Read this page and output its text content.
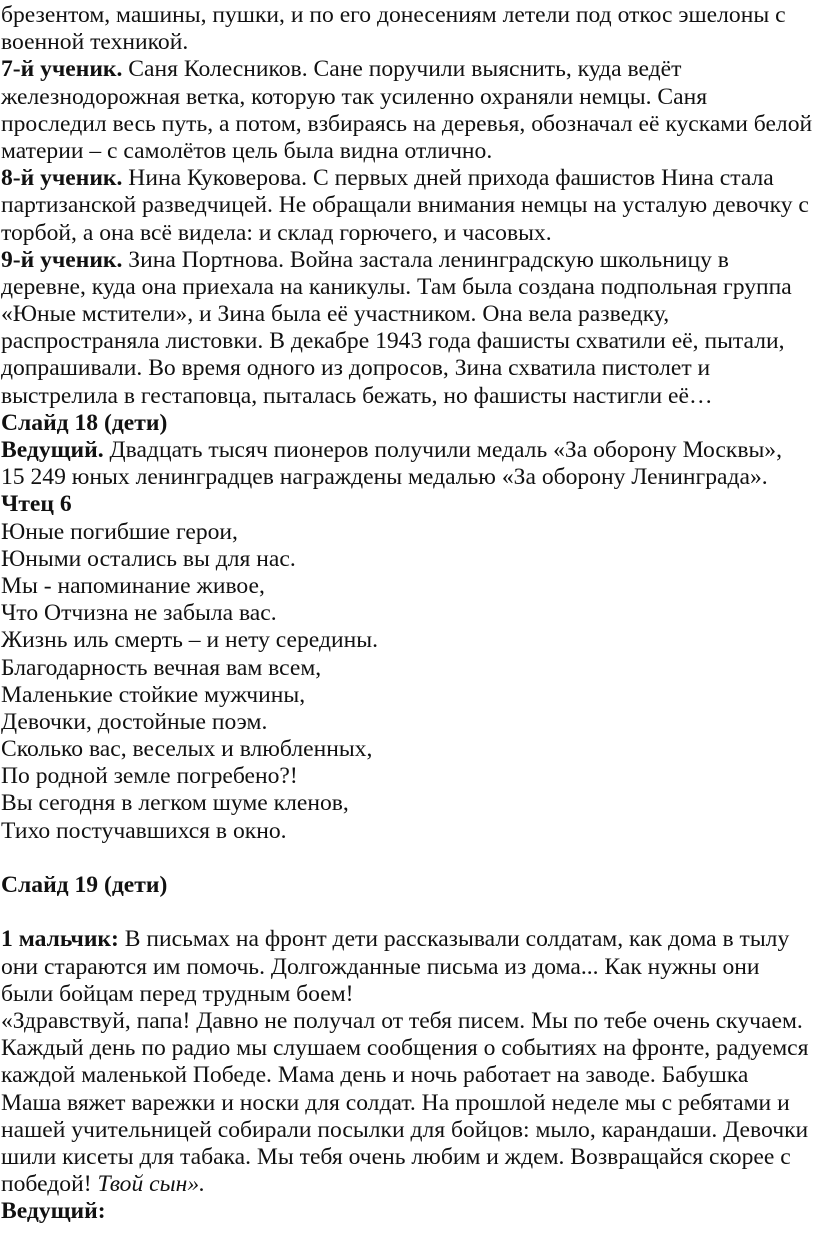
брезентом, машины, пушки, и по его донесениям летели под откос эшелоны с
военной техникой.
7-й ученик. Саня Колесников. Сане поручили выяснить, куда ведёт
железнодорожная ветка, которую так усиленно охраняли немцы. Саня
проследил весь путь, а потом, взбираясь на деревья, обозначал её кусками белой
материи – с самолётов цель была видна отлично.
8-й ученик. Нина Куковерова. С первых дней прихода фашистов Нина стала
партизанской разведчицей. Не обращали внимания немцы на усталую девочку с
торбой, а она всё видела: и склад горючего, и часовых.
9-й ученик. Зина Портнова. Война застала ленинградскую школьницу в
деревне, куда она приехала на каникулы. Там была создана подпольная группа
«Юные мстители», и Зина была её участником. Она вела разведку,
распространяла листовки. В декабре 1943 года фашисты схватили её, пытали,
допрашивали. Во время одного из допросов, Зина схватила пистолет и
выстрелила в гестаповца, пыталась бежать, но фашисты настигли её…
Слайд 18 (дети)
Ведущий. Двадцать тысяч пионеров получили медаль «За оборону Москвы»,
15 249 юных ленинградцев награждены медалью «За оборону Ленинграда».
Чтец 6
Юные погибшие герои,
Юными остались вы для нас.
Мы - напоминание живое,
Что Отчизна не забыла вас.
Жизнь иль смерть – и нету середины.
Благодарность вечная вам всем,
Маленькие стойкие мужчины,
Девочки, достойные поэм.
Сколько вас, веселых и влюбленных,
По родной земле погребено?!
Вы сегодня в легком шуме кленов,
Тихо постучавшихся в окно.
Слайд 19 (дети)
1 мальчик: В письмах на фронт дети рассказывали солдатам, как дома в тылу
они стараются им помочь. Долгожданные письма из дома... Как нужны они
были бойцам перед трудным боем!
«Здравствуй, папа! Давно не получал от тебя писем. Мы по тебе очень скучаем.
Каждый день по радио мы слушаем сообщения о событиях на фронте, радуемся
каждой маленькой Победе. Мама день и ночь работает на заводе. Бабушка
Маша вяжет варежки и носки для солдат. На прошлой неделе мы с ребятами и
нашей учительницей собирали посылки для бойцов: мыло, карандаши. Девочки
шили кисеты для табака. Мы тебя очень любим и ждем. Возвращайся скорее с
победой! Твой сын».
Ведущий:
